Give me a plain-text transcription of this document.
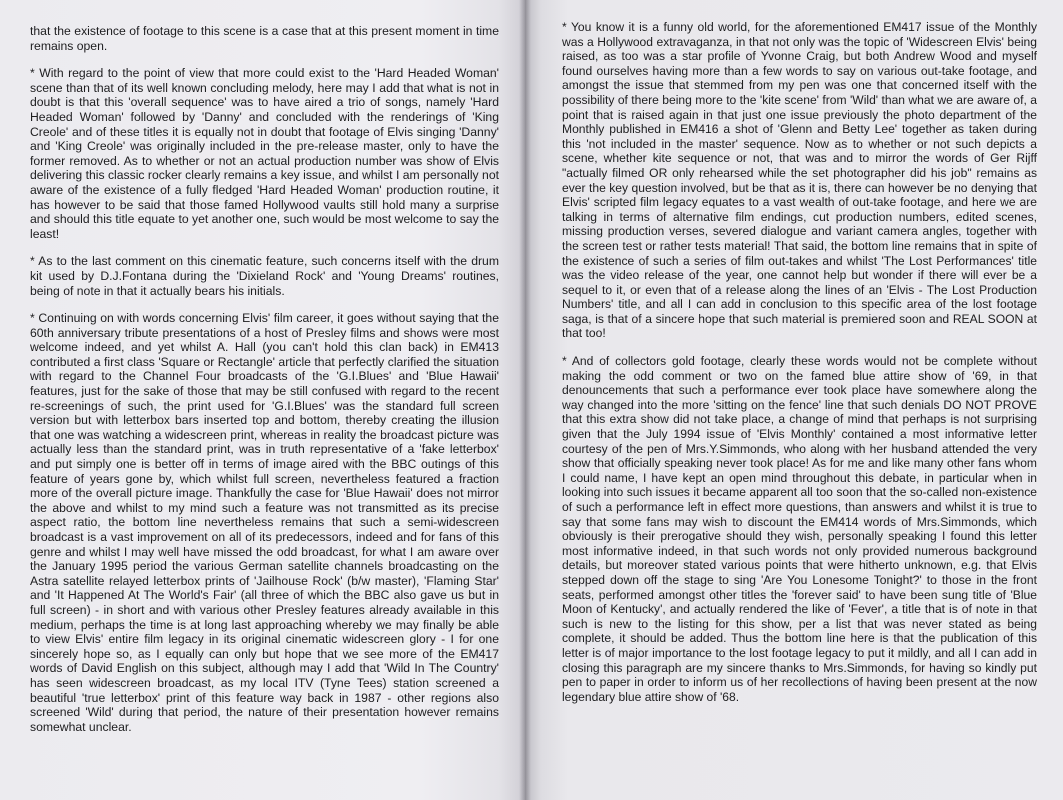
that the existence of footage to this scene is a case that at this present moment in time remains open.

* With regard to the point of view that more could exist to the 'Hard Headed Woman' scene than that of its well known concluding melody, here may I add that what is not in doubt is that this 'overall sequence' was to have aired a trio of songs, namely 'Hard Headed Woman' followed by 'Danny' and concluded with the renderings of 'King Creole' and of these titles it is equally not in doubt that footage of Elvis singing 'Danny' and 'King Creole' was originally included in the pre-release master, only to have the former removed. As to whether or not an actual production number was show of Elvis delivering this classic rocker clearly remains a key issue, and whilst I am personally not aware of the existence of a fully fledged 'Hard Headed Woman' production routine, it has however to be said that those famed Hollywood vaults still hold many a surprise and should this title equate to yet another one, such would be most welcome to say the least!

* As to the last comment on this cinematic feature, such concerns itself with the drum kit used by D.J.Fontana during the 'Dixieland Rock' and 'Young Dreams' routines, being of note in that it actually bears his initials.

* Continuing on with words concerning Elvis' film career, it goes without saying that the 60th anniversary tribute presentations of a host of Presley films and shows were most welcome indeed, and yet whilst A. Hall (you can't hold this clan back) in EM413 contributed a first class 'Square or Rectangle' article that perfectly clarified the situation with regard to the Channel Four broadcasts of the 'G.I.Blues' and 'Blue Hawaii' features, just for the sake of those that may be still confused with regard to the recent re-screenings of such, the print used for 'G.I.Blues' was the standard full screen version but with letterbox bars inserted top and bottom, thereby creating the illusion that one was watching a widescreen print, whereas in reality the broadcast picture was actually less than the standard print, was in truth representative of a 'fake letterbox' and put simply one is better off in terms of image aired with the BBC outings of this feature of years gone by, which whilst full screen, nevertheless featured a fraction more of the overall picture image. Thankfully the case for 'Blue Hawaii' does not mirror the above and whilst to my mind such a feature was not transmitted as its precise aspect ratio, the bottom line nevertheless remains that such a semi-widescreen broadcast is a vast improvement on all of its predecessors, indeed and for fans of this genre and whilst I may well have missed the odd broadcast, for what I am aware over the January 1995 period the various German satellite channels broadcasting on the Astra satellite relayed letterbox prints of 'Jailhouse Rock' (b/w master), 'Flaming Star' and 'It Happened At The World's Fair' (all three of which the BBC also gave us but in full screen) - in short and with various other Presley features already available in this medium, perhaps the time is at long last approaching whereby we may finally be able to view Elvis' entire film legacy in its original cinematic widescreen glory - I for one sincerely hope so, as I equally can only but hope that we see more of the EM417 words of David English on this subject, although may I add that 'Wild In The Country' has seen widescreen broadcast, as my local ITV (Tyne Tees) station screened a beautiful 'true letterbox' print of this feature way back in 1987 - other regions also screened 'Wild' during that period, the nature of their presentation however remains somewhat unclear.

* You know it is a funny old world, for the aforementioned EM417 issue of the Monthly was a Hollywood extravaganza, in that not only was the topic of 'Widescreen Elvis' being raised, as too was a star profile of Yvonne Craig, but both Andrew Wood and myself found ourselves having more than a few words to say on various out-take footage, and amongst the issue that stemmed from my pen was one that concerned itself with the possibility of there being more to the 'kite scene' from 'Wild' than what we are aware of, a point that is raised again in that just one issue previously the photo department of the Monthly published in EM416 a shot of 'Glenn and Betty Lee' together as taken during this 'not included in the master' sequence. Now as to whether or not such depicts a scene, whether kite sequence or not, that was and to mirror the words of Ger Rijff "actually filmed OR only rehearsed while the set photographer did his job" remains as ever the key question involved, but be that as it is, there can however be no denying that Elvis' scripted film legacy equates to a vast wealth of out-take footage, and here we are talking in terms of alternative film endings, cut production numbers, edited scenes, missing production verses, severed dialogue and variant camera angles, together with the screen test or rather tests material! That said, the bottom line remains that in spite of the existence of such a series of film out-takes and whilst 'The Lost Performances' title was the video release of the year, one cannot help but wonder if there will ever be a sequel to it, or even that of a release along the lines of an 'Elvis - The Lost Production Numbers' title, and all I can add in conclusion to this specific area of the lost footage saga, is that of a sincere hope that such material is premiered soon and REAL SOON at that too!

* And of collectors gold footage, clearly these words would not be complete without making the odd comment or two on the famed blue attire show of '69, in that denouncements that such a performance ever took place have somewhere along the way changed into the more 'sitting on the fence' line that such denials DO NOT PROVE that this extra show did not take place, a change of mind that perhaps is not surprising given that the July 1994 issue of 'Elvis Monthly' contained a most informative letter courtesy of the pen of Mrs.Y.Simmonds, who along with her husband attended the very show that officially speaking never took place! As for me and like many other fans whom I could name, I have kept an open mind throughout this debate, in particular when in looking into such issues it became apparent all too soon that the so-called non-existence of such a performance left in effect more questions, than answers and whilst it is true to say that some fans may wish to discount the EM414 words of Mrs.Simmonds, which obviously is their prerogative should they wish, personally speaking I found this letter most informative indeed, in that such words not only provided numerous background details, but moreover stated various points that were hitherto unknown, e.g. that Elvis stepped down off the stage to sing 'Are You Lonesome Tonight?' to those in the front seats, performed amongst other titles the 'forever said' to have been sung title of 'Blue Moon of Kentucky', and actually rendered the like of 'Fever', a title that is of note in that such is new to the listing for this show, per a list that was never stated as being complete, it should be added. Thus the bottom line here is that the publication of this letter is of major importance to the lost footage legacy to put it mildly, and all I can add in closing this paragraph are my sincere thanks to Mrs.Simmonds, for having so kindly put pen to paper in order to inform us of her recollections of having been present at the now legendary blue attire show of '68.
